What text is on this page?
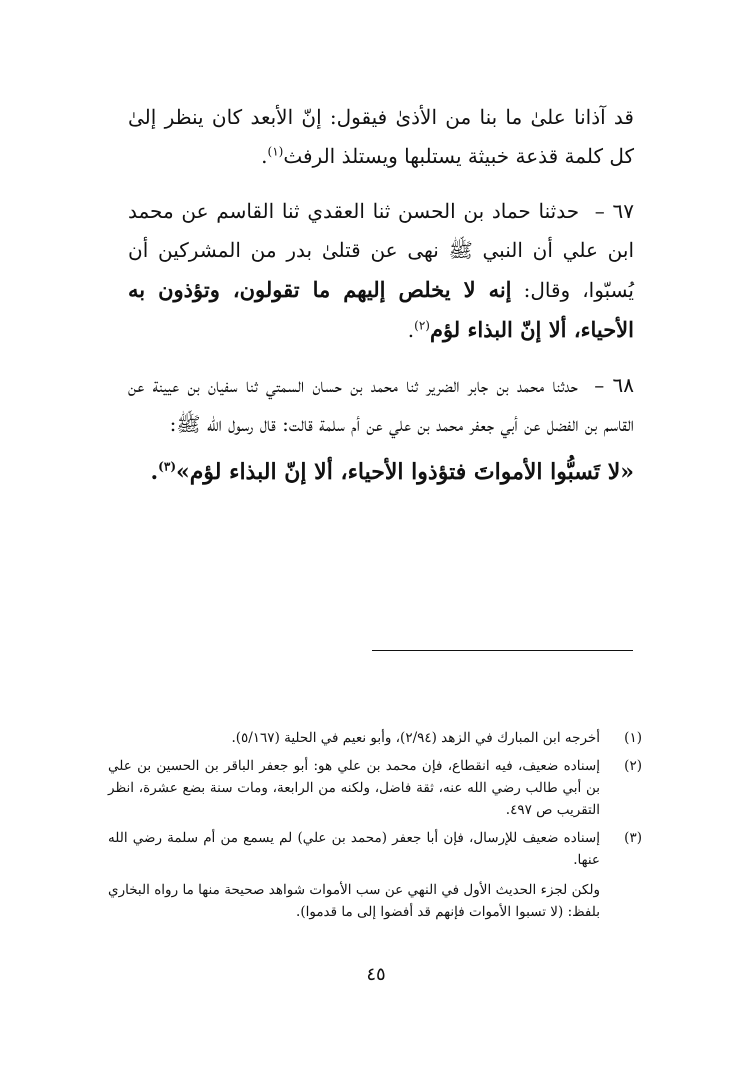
قد آذانا علىٰ ما بنا من الأذىٰ فيقول: إنّ الأبعد كان ينظر إلىٰ كل كلمة قذعة خبيثة يستلبها ويستلذ الرفث$^{(١)}$.

٦٧ – حدثنا حماد بن الحسن ثنا العقدي ثنا القاسم عن محمد ابن علي أن النبي ﷺ نهى عن قتلىٰ بدر من المشركين أن يُسبّوا، وقال: إنه لا يخلص إليهم ما تقولون، وتؤذون به الأحياء، ألا إنّ البذاء لؤم$^{(٢)}$.

٦٨ – حدثنا محمد بن جابر الضرير ثنا محمد بن حسان السمتي ثنا سفيان بن عيينة عن القاسم بن الفضل عن أبي جعفر محمد بن علي عن أم سلمة قالت: قال رسول الله ﷺ:

«لا تَسبُّوا الأمواتَ فتؤذوا الأحياء، ألا إنّ البذاء لؤم»$^{(٣)}$.

(١)
أخرجه ابن المبارك في الزهد (٢/٩٤)، وأبو نعيم في الحلية (٥/١٦٧).
(٢)
إسناده ضعيف، فيه انقطاع، فإن محمد بن علي هو: أبو جعفر الباقر بن الحسين بن علي بن أبي طالب رضي الله عنه، ثقة فاضل، ولكنه من الرابعة، ومات سنة بضع عشرة، انظر التقريب ص ٤٩٧.
(٣)
إسناده ضعيف للإرسال، فإن أبا جعفر (محمد بن علي) لم يسمع من أم سلمة رضي الله عنها.
ولكن لجزء الحديث الأول في النهي عن سب الأموات شواهد صحيحة منها ما رواه البخاري بلفظ: (لا تسبوا الأموات فإنهم قد أفضوا إلى ما قدموا).
٤٥
